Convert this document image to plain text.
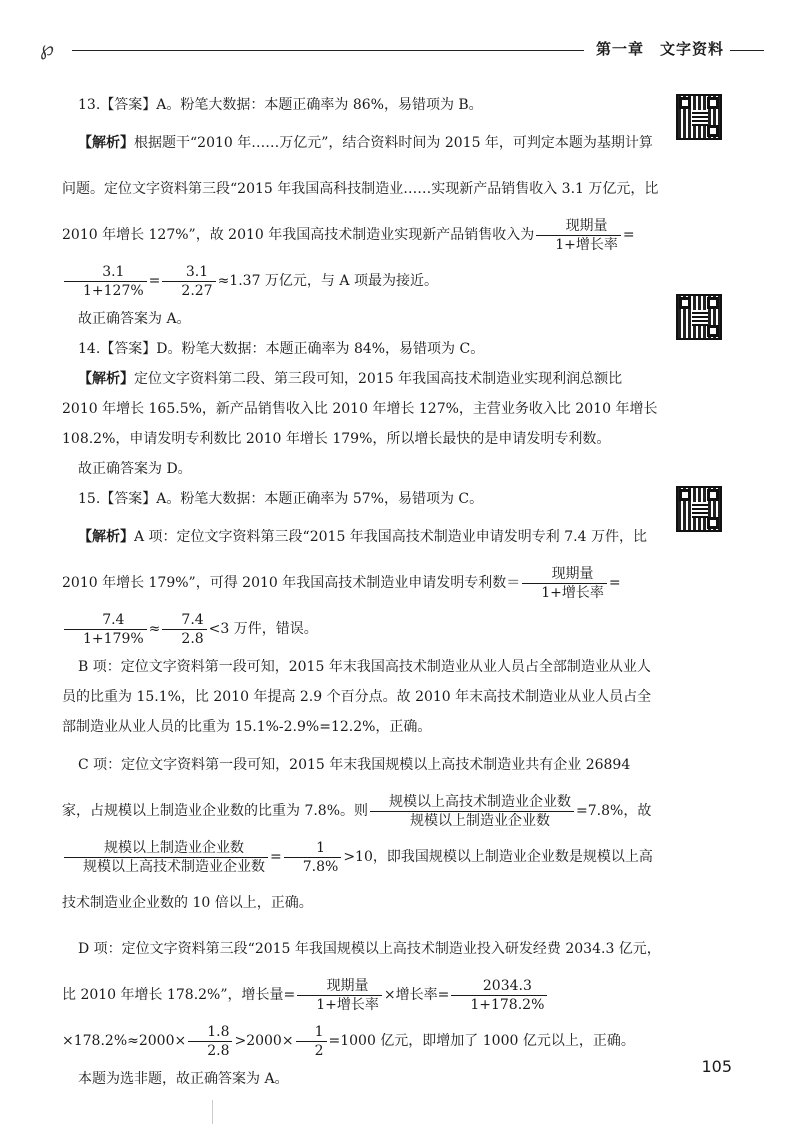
℘	第一章　文字资料

13.【答案】A。粉笔大数据：本题正确率为 86%，易错项为 B。

【解析】根据题干“2010 年……万亿元”，结合资料时间为 2015 年，可判定本题为基期计算问题。定位文字资料第三段“2015 年我国高科技制造业……实现新产品销售收入 3.1 万亿元，比 2010 年增长 127%”，故 2010 年我国高技术制造业实现新产品销售收入为 $\frac{\text{现期量}}{\text{1+增长率}}$ =
$\frac{3.1}{1+127\%} = \frac{3.1}{2.27} \approx 1.37$ 万亿元，与 A 项最为接近。

故正确答案为 A。

14.【答案】D。粉笔大数据：本题正确率为 84%，易错项为 C。

【解析】定位文字资料第二段、第三段可知，2015 年我国高技术制造业实现利润总额比 2010 年增长 165.5%，新产品销售收入比 2010 年增长 127%，主营业务收入比 2010 年增长 108.2%，申请发明专利数比 2010 年增长 179%，所以增长最快的是申请发明专利数。

故正确答案为 D。

15.【答案】A。粉笔大数据：本题正确率为 57%，易错项为 C。

【解析】A 项：定位文字资料第三段“2015 年我国高技术制造业申请发明专利 7.4 万件，比 2010 年增长 179%”，可得 2010 年我国高技术制造业申请发明专利数＝ $\frac{\text{现期量}}{\text{1+增长率}}$ =
$\frac{7.4}{1+179\%} \approx \frac{7.4}{2.8} <3$ 万件，错误。

B 项：定位文字资料第一段可知，2015 年末我国高技术制造业从业人员占全部制造业从业人员的比重为 15.1%，比 2010 年提高 2.9 个百分点。故 2010 年末高技术制造业从业人员占全部制造业从业人员的比重为 15.1%-2.9%=12.2%，正确。

C 项：定位文字资料第一段可知，2015 年末我国规模以上高技术制造业共有企业 26894 家，占规模以上制造业企业数的比重为 7.8%。则 $\frac{\text{规模以上高技术制造业企业数}}{\text{规模以上制造业企业数}} =7.8\%$，故
$\frac{\text{规模以上制造业企业数}}{\text{规模以上高技术制造业企业数}} = \frac{1}{7.8\%} >10$，即我国规模以上制造业企业数是规模以上高技术制造业企业数的 10 倍以上，正确。

D 项：定位文字资料第三段“2015 年我国规模以上高技术制造业投入研发经费 2034.3 亿元，比 2010 年增长 178.2%”，增长量= $\frac{\text{现期量}}{\text{1+增长率}}$ ×增长率= $\frac{2034.3}{1+178.2\%}$
$\times 178.2\%\approx 2000\times \frac{1.8}{2.8} >2000\times \frac{1}{2} =1000$ 亿元，即增加了 1000 亿元以上，正确。

本题为选非题，故正确答案为 A。

105
